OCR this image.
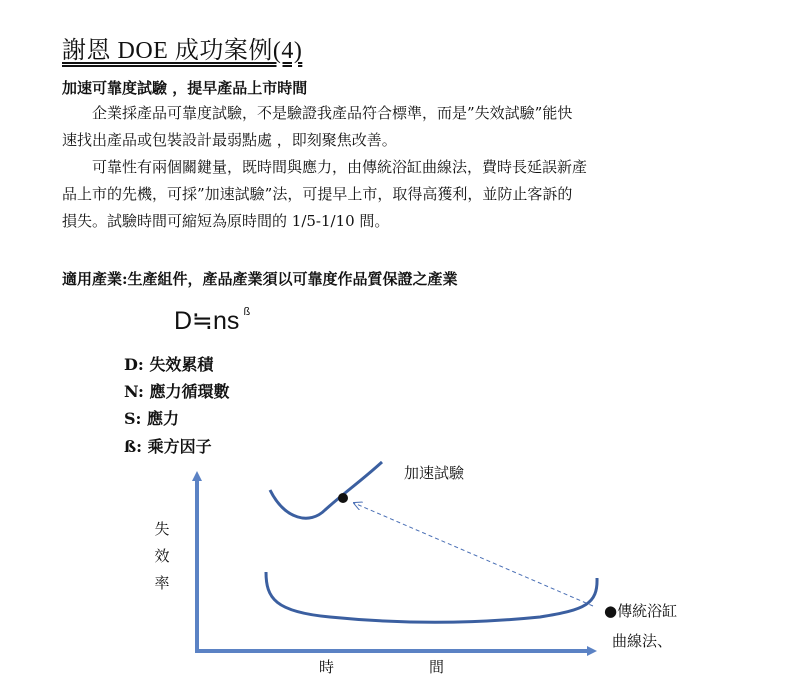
謝恩 DOE 成功案例(4)
加速可靠度試驗 ，提早產品上市時間
　　企業採產品可靠度試驗，不是驗證我產品符合標準，而是”失效試驗”能快
速找出產品或包裝設計最弱點處 ，即刻聚焦改善。
　　可靠性有兩個關鍵量，既時間與應力，由傳統浴缸曲線法，費時長延誤新產
品上市的先機，可採”加速試驗”法，可提早上市，取得高獲利，並防止客訴的
損失。試驗時間可縮短為原時間的 1/5-1/10 間。
適用產業:生產組件，產品產業須以可靠度作品質保證之產業
D≒ns $^ß$
D: 失效累積
N: 應力循環數
S: 應力
ß: 乘方因子
失效率
時	間
加速試驗
●傳統浴缸
曲線法、
